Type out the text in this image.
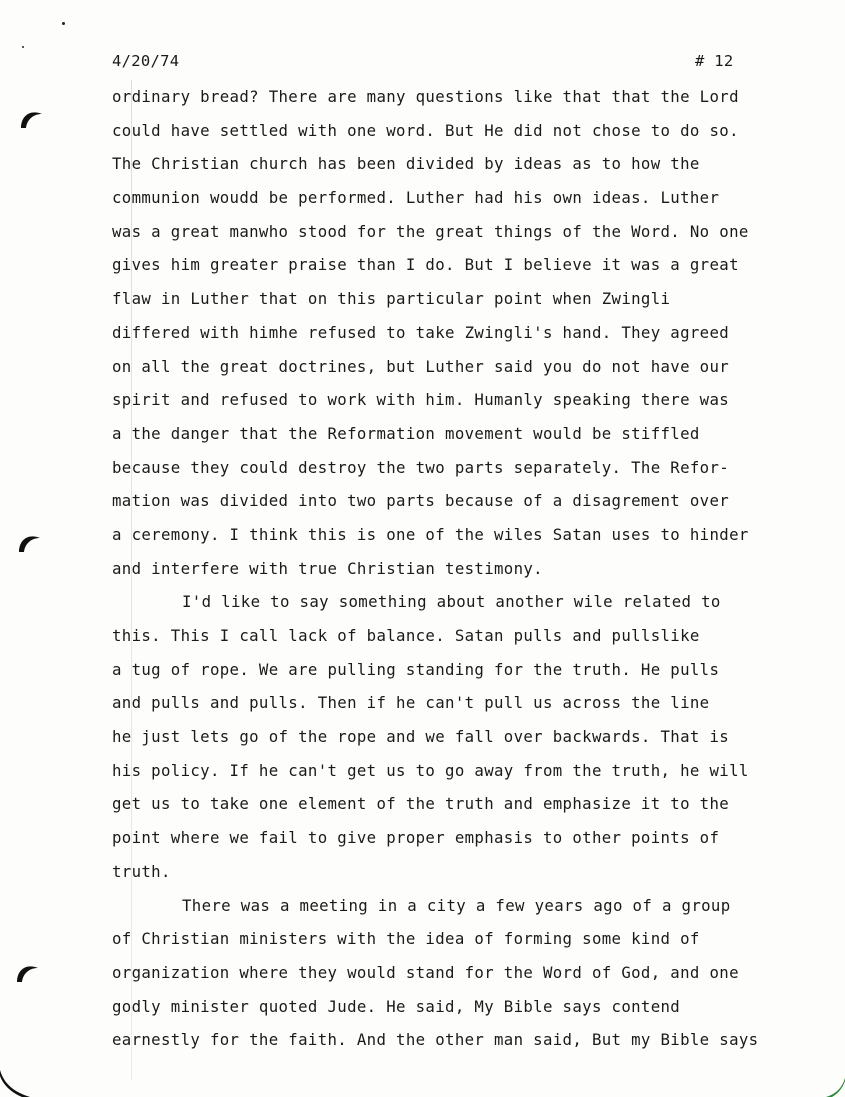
4/20/74	# 12
ordinary bread? There are many questions like that that the Lord
could have settled with one word. But He did not chose to do so.
The Christian church has been divided by ideas as to how the
communion woudd be performed. Luther had his own ideas. Luther
was a great manwho stood for the great things of the Word. No one
gives him greater praise than I do. But I believe it was a great
flaw in Luther that on this particular point when Zwingli
differed with himhe refused to take Zwingli's hand. They agreed
on all the great doctrines, but Luther said you do not have our
spirit and refused to work with him. Humanly speaking there was
a the danger that the Reformation movement would be stiffled
because they could destroy the two parts separately. The Refor-
mation was divided into two parts because of a disagrement over
a ceremony. I think this is one of the wiles Satan uses to hinder
and interfere with true Christian testimony.
I'd like to say something about another wile related to
this. This I call lack of balance. Satan pulls and pullslike
a tug of rope. We are pulling standing for the truth. He pulls
and pulls and pulls. Then if he can't pull us across the line
he just lets go of the rope and we fall over backwards. That is
his policy. If he can't get us to go away from the truth, he will
get us to take one element of the truth and emphasize it to the
point where we fail to give proper emphasis to other points of
truth.
There was a meeting in a city a few years ago of a group
of Christian ministers with the idea of forming some kind of
organization where they would stand for the Word of God, and one
godly minister quoted Jude. He said, My Bible says contend
earnestly for the faith. And the other man said, But my Bible says
